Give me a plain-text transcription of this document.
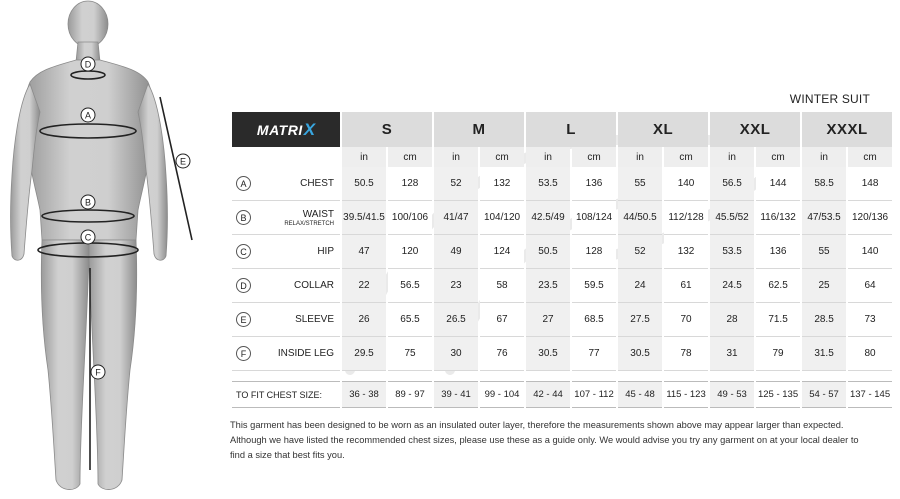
D
A
E
B
C
F
WINTER SUIT
MATRI X	S		M		L		XL		XXL		XXXL	
	in	cm	in	cm	in	cm	in	cm	in	cm	in	cm

A CHEST	50.5	128	52	132	53.5	136	55	140	56.5	144	58.5	148

B WAIST
RELAX/STRETCH	39.5/41.5	100/106	41/47	104/120	42.5/49	108/124	44/50.5	112/128	45.5/52	116/132	47/53.5	120/136

C HIP	47	120	49	124	50.5	128	52	132	53.5	136	55	140

D COLLAR	22	56.5	23	58	23.5	59.5	24	61	24.5	62.5	25	64

E SLEEVE	26	65.5	26.5	67	27	68.5	27.5	70	28	71.5	28.5	73

F INSIDE LEG	29.5	75	30	76	30.5	77	30.5	78	31	79	31.5	80

TO FIT CHEST SIZE:	36 - 38	89 - 97	39 - 41	99 - 104	42 - 44	107 - 112	45 - 48	115 - 123	49 - 53	125 - 135	54 - 57	137 - 145
This garment has been designed to be worn as an insulated outer layer, therefore the measurements shown above may appear larger than expected.
Although we have listed the recommended chest sizes, please use these as a guide only. We would advise you try any garment on at your local dealer to
find a size that best fits you.
